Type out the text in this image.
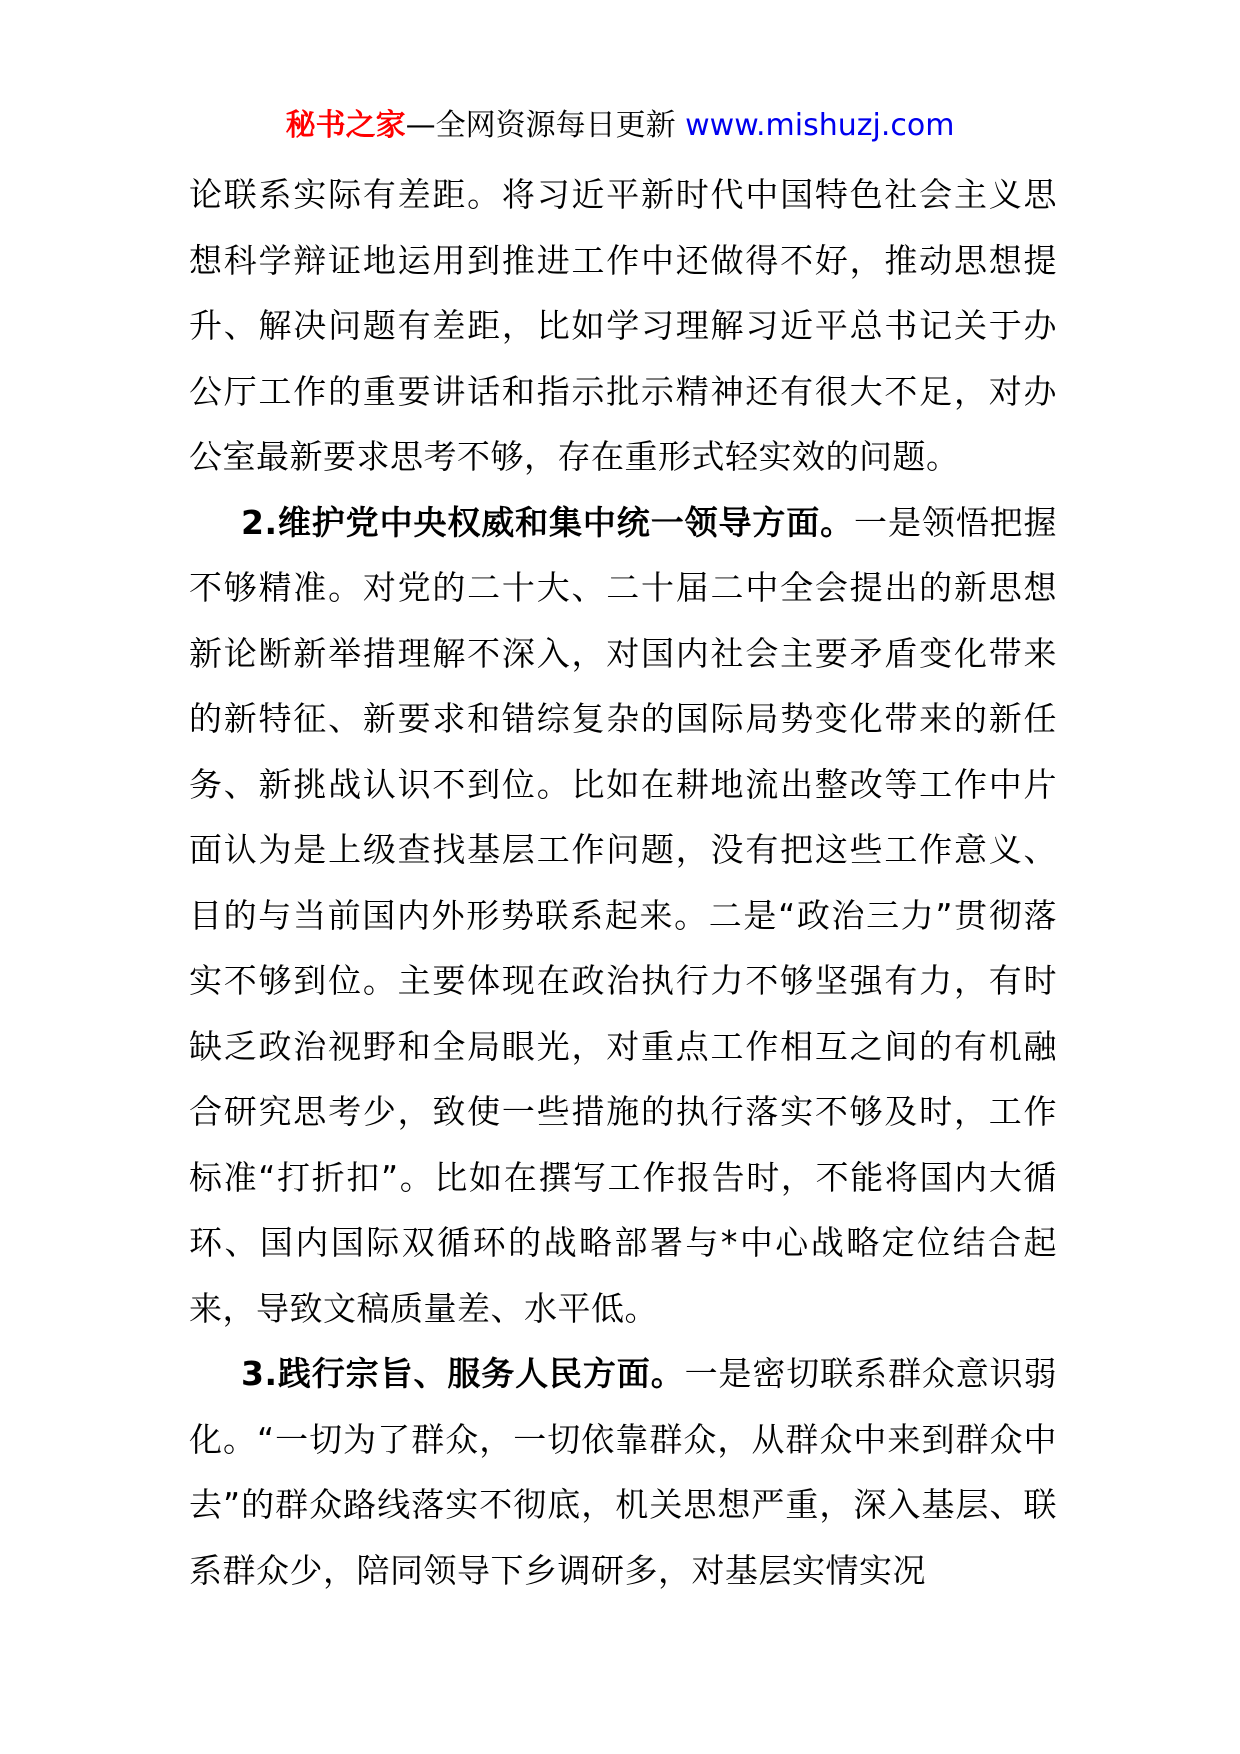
秘书之家—全网资源每日更新 www.mishuzj.com

论联系实际有差距。将习近平新时代中国特色社会主义思想科学辩证地运用到推进工作中还做得不好，推动思想提升、解决问题有差距，比如学习理解习近平总书记关于办公厅工作的重要讲话和指示批示精神还有很大不足，对办公室最新要求思考不够，存在重形式轻实效的问题。

2.维护党中央权威和集中统一领导方面。一是领悟把握不够精准。对党的二十大、二十届二中全会提出的新思想新论断新举措理解不深入，对国内社会主要矛盾变化带来的新特征、新要求和错综复杂的国际局势变化带来的新任务、新挑战认识不到位。比如在耕地流出整改等工作中片面认为是上级查找基层工作问题，没有把这些工作意义、目的与当前国内外形势联系起来。二是“政治三力”贯彻落实不够到位。主要体现在政治执行力不够坚强有力，有时缺乏政治视野和全局眼光，对重点工作相互之间的有机融合研究思考少，致使一些措施的执行落实不够及时，工作标准“打折扣”。比如在撰写工作报告时，不能将国内大循环、国内国际双循环的战略部署与*中心战略定位结合起来，导致文稿质量差、水平低。

3.践行宗旨、服务人民方面。一是密切联系群众意识弱化。“一切为了群众，一切依靠群众，从群众中来到群众中去”的群众路线落实不彻底，机关思想严重，深入基层、联系群众少，陪同领导下乡调研多，对基层实情实况
